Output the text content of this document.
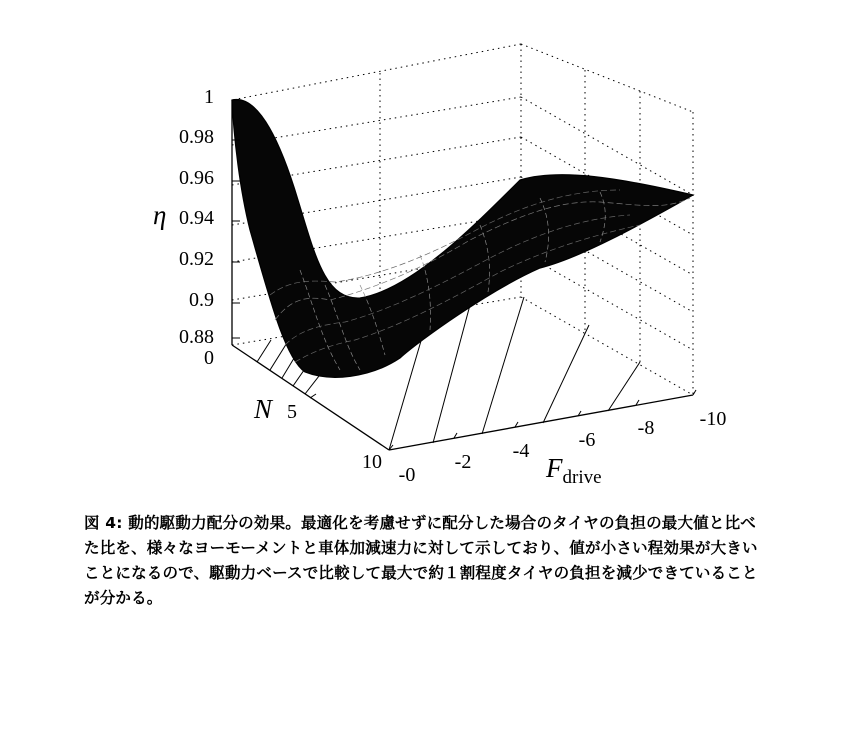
1
0.98
0.96
0.94
0.92
0.9
0.88
η
0
5
10
N
-0
-2 -4 -6
-8 -10
$F_{drive}$

図 4: 動的駆動力配分の効果。最適化を考慮せずに配分した場合のタイヤの負担の最大値と比べ

た比を、様々なヨーモーメントと車体加減速力に対して示しており、値が小さい程効果が大きい

ことになるので、駆動力ベースで比較して最大で約１割程度タイヤの負担を減少できていること

が分かる。
